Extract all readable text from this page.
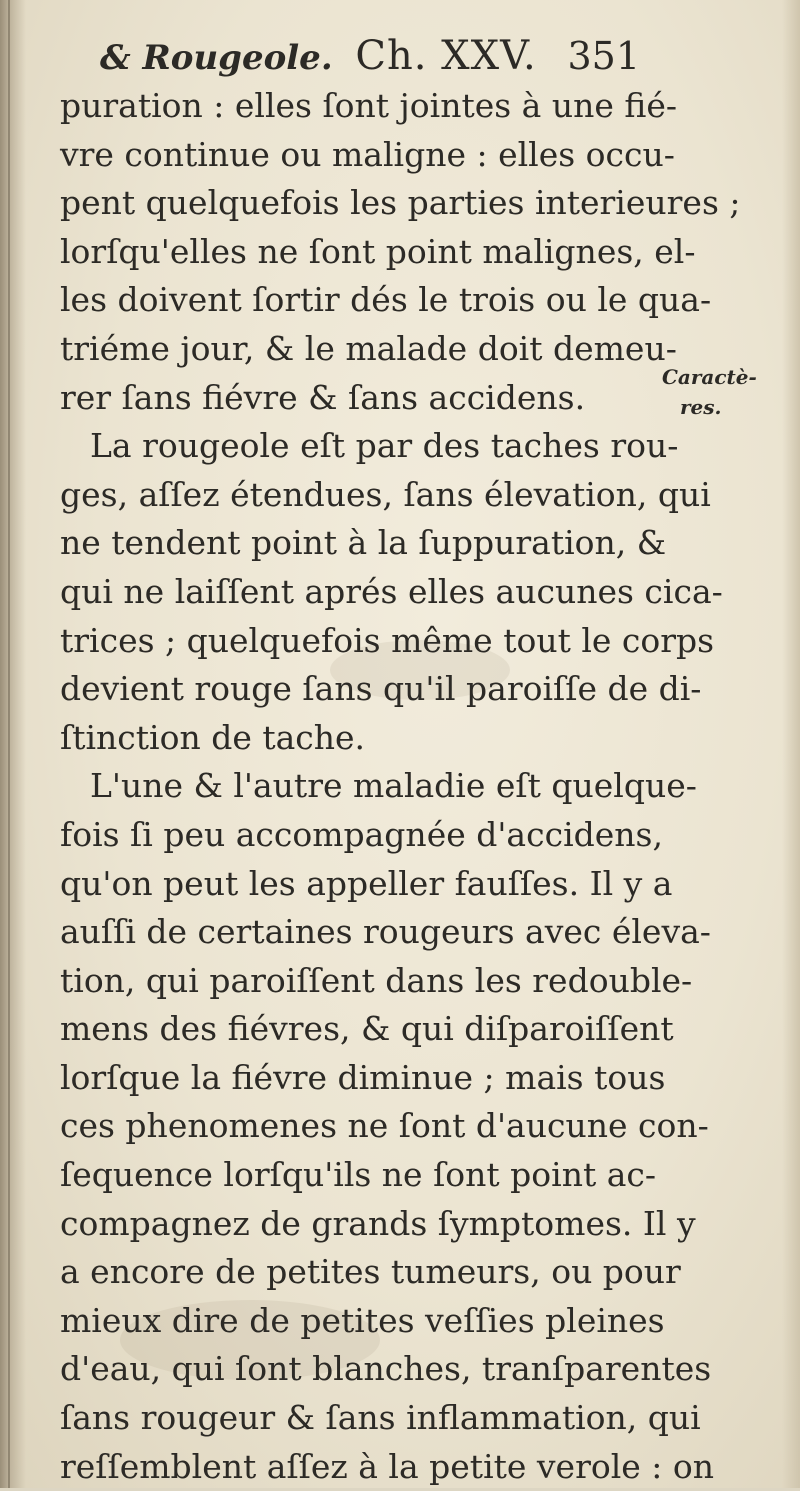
& Rougeole. Ch. XXV. 351
puration : elles ſont jointes à une fié-
vre continue ou maligne : elles occu-
pent quelquefois les parties interieures ;
lorſqu'elles ne ſont point malignes, el-
les doivent ſortir dés le trois ou le qua-
triéme jour, & le malade doit demeu-
rer ſans fiévre & ſans accidens.
La rougeole eſt par des taches rou-
ges, aſſez étendues, ſans élevation, qui
ne tendent point à la ſuppuration, &
qui ne laiſſent aprés elles aucunes cica-
trices ; quelquefois même tout le corps
devient rouge ſans qu'il paroiſſe de di-
ſtinction de tache.
L'une & l'autre maladie eſt quelque-
fois ſi peu accompagnée d'accidens,
qu'on peut les appeller fauſſes. Il y a
auſſi de certaines rougeurs avec éleva-
tion, qui paroiſſent dans les redouble-
mens des fiévres, & qui diſparoiſſent
lorſque la fiévre diminue ; mais tous
ces phenomenes ne ſont d'aucune con-
ſequence lorſqu'ils ne ſont point ac-
compagnez de grands ſymptomes. Il y
a encore de petites tumeurs, ou pour
mieux dire de petites veſſies pleines
d'eau, qui ſont blanches, tranſparentes
ſans rougeur & ſans inflammation, qui
reſſemblent aſſez à la petite verole : on
Caractè-
res.
